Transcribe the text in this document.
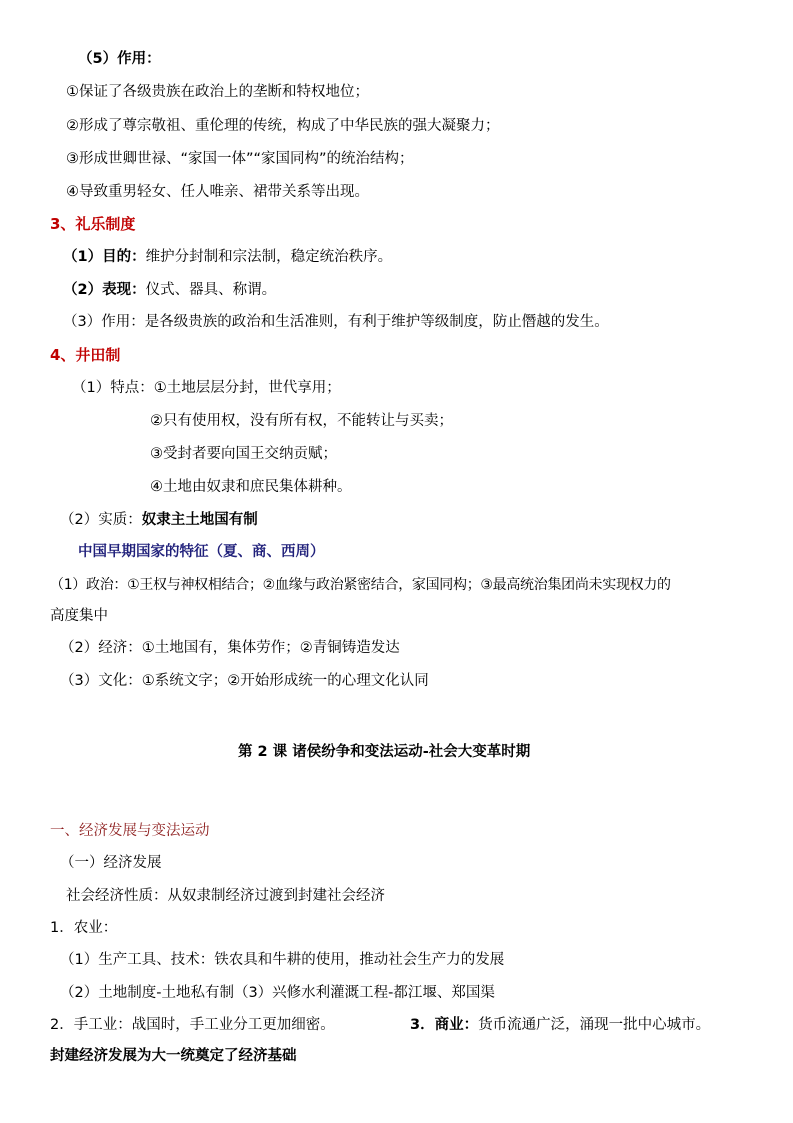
（5）作用：
①保证了各级贵族在政治上的垄断和特权地位；
②形成了尊宗敬祖、重伦理的传统，构成了中华民族的强大凝聚力；
③形成世卿世禄、“家国一体”“家国同构”的统治结构；
④导致重男轻女、任人唯亲、裙带关系等出现。
3、礼乐制度
（1）目的：维护分封制和宗法制，稳定统治秩序。
（2）表现：仪式、器具、称谓。
（3）作用：是各级贵族的政治和生活准则，有利于维护等级制度，防止僭越的发生。
4、井田制
（1）特点：①土地层层分封，世代享用；
②只有使用权，没有所有权，不能转让与买卖；
③受封者要向国王交纳贡赋；
④土地由奴隶和庶民集体耕种。
（2）实质：奴隶主土地国有制
中国早期国家的特征（夏、商、西周）
（1）政治：①王权与神权相结合；②血缘与政治紧密结合，家国同构；③最高统治集团尚未实现权力的
高度集中
（2）经济：①土地国有，集体劳作；②青铜铸造发达
（3）文化：①系统文字；②开始形成统一的心理文化认同
第 2 课 诸侯纷争和变法运动-社会大变革时期
一、经济发展与变法运动
（一）经济发展
社会经济性质：从奴隶制经济过渡到封建社会经济
1．农业：
（1）生产工具、技术：铁农具和牛耕的使用，推动社会生产力的发展
（2）土地制度-土地私有制（3）兴修水利灌溉工程-都江堰、郑国渠
2．手工业：战国时，手工业分工更加细密。	3．商业：货币流通广泛，涌现一批中心城市。
封建经济发展为大一统奠定了经济基础
